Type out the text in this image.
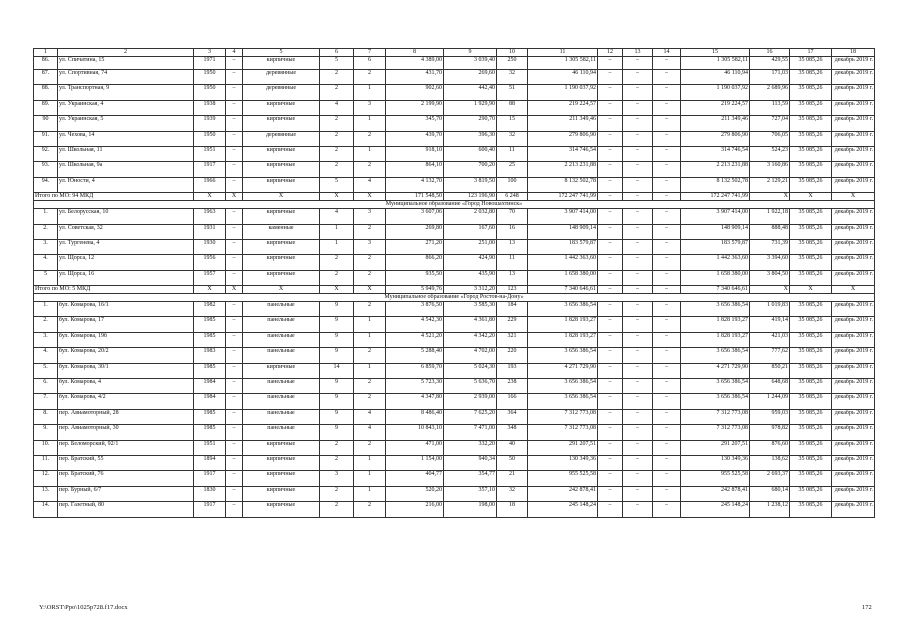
1	2	3	4	5	6	7	8	9	10	11	12	13	14	15	16	17	18
86.	ул. Спичатина, 15	1971	–	кирпичные	5	6	4 389,00	3 039,40	250	1 305 582,11	–	–	–	1 305 582,11	429,55	35 085,26	декабрь 2019 г.
87.	ул. Спортивная, 74	1950	–	деревянные	2	2	431,70	269,60	32	46 110,94	–	–	–	46 110,94	171,03	35 085,26	декабрь 2019 г.
88.	ул. Транспортная, 9	1950	–	деревянные	2	1	902,60	442,40	51	1 190 037,92	–	–	–	1 190 037,92	2 689,96	35 085,26	декабрь 2019 г.
89.	ул. Украинская, 4	1938	–	кирпичные	4	3	2 199,90	1 929,90	88	219 224,57	–	–	–	219 224,57	113,59	35 085,26	декабрь 2019 г.
90	ул. Украинская, 5	1939	–	кирпичные	2	1	345,70	290,70	15	211 349,46	–	–	–	211 349,46	727,04	35 085,26	декабрь 2019 г.
91.	ул. Чехова, 14	1950	–	деревянные	2	2	439,70	396,30	32	279 806,90	–	–	–	279 806,90	706,05	35 085,26	декабрь 2019 г.
92.	ул. Школьная, 11	1951	–	кирпичные	2	1	918,10	600,40	11	314 746,54	–	–	–	314 746,54	524,23	35 085,26	декабрь 2019 г.
93.	ул. Школьная, 9а	1917	–	кирпичные	2	2	864,10	700,20	25	2 213 231,88	–	–	–	2 213 231,88	3 160,86	35 085,26	декабрь 2019 г.
94.	ул. Юности, 4	1966	–	кирпичные	5	4	4 132,70	3 819,50	100	8 132 502,78	–	–	–	8 132 502,78	2 129,21	35 085,26	декабрь 2019 г.
Итого по МО: 94 МКД		X	X	X	X	X	171 548,50	123 196,90	6 248	172 247 741,99	–	–	–	172 247 741,99	X	X	X
Муниципальное образование «Город Новошахтинск»																	
1.	ул. Белорусская, 10	1963	–	кирпичные	4	3	3 607,06	2 032,80	70	3 907 414,00	–	–	–	3 907 414,00	1 922,18	35 085,26	декабрь 2019 г.
2.	ул. Советская, 32	1931	–	каменные	1	2	269,80	167,60	16	148 909,14	–	–	–	148 909,14	888,48	35 085,26	декабрь 2019 г.
3.	ул. Тургенева, 4	1930	–	кирпичные	1	3	271,20	251,00	13	183 579,87	–	–	–	183 579,87	731,39	35 085,26	декабрь 2019 г.
4.	ул. Щорса, 12	1956	–	кирпичные	2	2	866,20	424,90	11	1 442 363,60	–	–	–	1 442 363,60	3 394,60	35 085,26	декабрь 2019 г.
5	ул. Щорса, 16	1957	–	кирпичные	2	2	935,50	435,90	13	1 658 380,00	–	–	–	1 658 380,00	3 804,50	35 085,26	декабрь 2019 г.
Итого по МО: 5 МКД		X	X	X	X	X	5 949,76	3 312,20	123	7 340 646,61	–	–	–	7 340 646,61	X	X	X
Муниципальное образование «Город Ростов-на-Дону»																	
1.	бул. Комарова, 16/1	1982	–	панельные	9	2	3 876,50	3 585,30	184	3 656 386,54	–	–	–	3 656 386,54	1 019,83	35 085,26	декабрь 2019 г.
2.	бул. Комарова, 17	1985	–	панельные	9	1	4 542,30	4 361,80	229	1 828 193,27	–	–	–	1 828 193,27	419,14	35 085,26	декабрь 2019 г.
3.	бул. Комарова, 19б	1985	–	панельные	9	1	4 521,20	4 342,20	321	1 828 193,27	–	–	–	1 828 193,27	421,03	35 085,26	декабрь 2019 г.
4.	бул. Комарова, 20/2	1983	–	панельные	9	2	5 288,40	4 702,00	220	3 656 386,54	–	–	–	3 656 386,54	777,62	35 085,26	декабрь 2019 г.
5.	бул. Комарова, 30/1	1985	–	кирпичные	14	1	6 859,70	5 024,30	193	4 271 729,90	–	–	–	4 271 729,90	850,21	35 085,26	декабрь 2019 г.
6.	бул. Комарова, 4	1984	–	панельные	9	2	5 723,30	5 636,70	238	3 656 386,54	–	–	–	3 656 386,54	648,68	35 085,26	декабрь 2019 г.
7.	бул. Комарова, 4/2	1984	–	панельные	9	2	4 347,80	2 939,00	166	3 656 386,54	–	–	–	3 656 386,54	1 244,09	35 085,26	декабрь 2019 г.
8.	пер. Авиамоторный, 28	1985	–	панельные	9	4	8 486,40	7 625,20	364	7 312 773,08	–	–	–	7 312 773,08	959,03	35 085,26	декабрь 2019 г.
9.	пер. Авиамоторный, 30	1985	–	панельные	9	4	10 843,10	7 471,00	348	7 312 773,08	–	–	–	7 312 773,08	978,82	35 085,26	декабрь 2019 г.
10.	пер. Беломорский, 92/1	1951	–	кирпичные	2	2	471,00	332,20	40	291 207,51	–	–	–	291 207,51	876,60	35 085,26	декабрь 2019 г.
11.	пер. Братский, 55	1894	–	кирпичные	2	1	1 154,00	940,34	50	130 349,36	–	–	–	130 349,36	138,62	35 085,26	декабрь 2019 г.
12.	пер. Братский, 76	1917	–	кирпичные	3	1	404,77	354,77	21	955 525,58	–	–	–	955 525,58	2 693,37	35 085,26	декабрь 2019 г.
13.	пер. Бурный, 6/7	1830	–	кирпичные	2	1	520,20	357,10	32	242 878,41	–	–	–	242 878,41	680,14	35 085,26	декабрь 2019 г.
14.	пер. Газетный, 80	1917	–	кирпичные	2	2	216,00	198,00	18	245 148,24	–	–	–	245 148,24	1 238,12	35 085,26	декабрь 2019 г.
Y:\ORST\Ppo\1025p728.f17.docx	172
